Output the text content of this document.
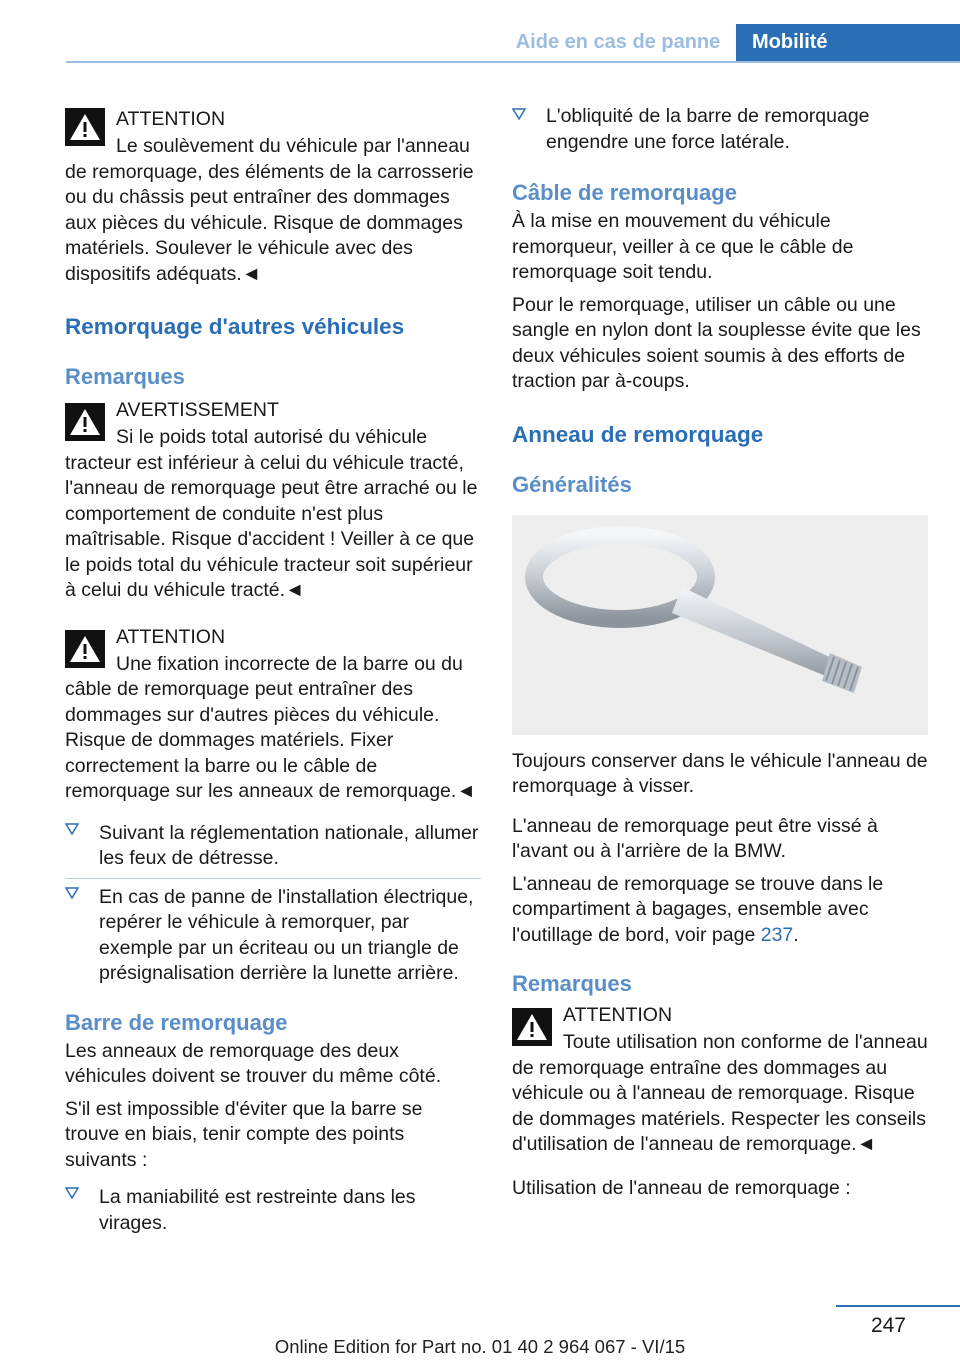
Aide en cas de panne	Mobilité
ATTENTION
Le soulèvement du véhicule par l'anneau de remorquage, des éléments de la carrosserie ou du châssis peut entraîner des dommages aux pièces du véhicule. Risque de dommages matériels. Soulever le véhicule avec des dispositifs adéquats.◄
Remorquage d'autres véhicules
Remarques
AVERTISSEMENT
Si le poids total autorisé du véhicule tracteur est inférieur à celui du véhicule tracté, l'anneau de remorquage peut être arraché ou le comportement de conduite n'est plus maîtrisable. Risque d'accident ! Veiller à ce que le poids total du véhicule tracteur soit supérieur à celui du véhicule tracté.◄
ATTENTION
Une fixation incorrecte de la barre ou du câble de remorquage peut entraîner des dommages sur d'autres pièces du véhicule. Risque de dommages matériels. Fixer correctement la barre ou le câble de remorquage sur les anneaux de remorquage.◄
Suivant la réglementation nationale, allumer les feux de détresse.
En cas de panne de l'installation électrique, repérer le véhicule à remorquer, par exemple par un écriteau ou un triangle de présignalisation derrière la lunette arrière.
Barre de remorquage

Les anneaux de remorquage des deux véhicules doivent se trouver du même côté.

S'il est impossible d'éviter que la barre se trouve en biais, tenir compte des points suivants :

La maniabilité est restreinte dans les virages.
L'obliquité de la barre de remorquage engendre une force latérale.
Câble de remorquage

À la mise en mouvement du véhicule remorqueur, veiller à ce que le câble de remorquage soit tendu.

Pour le remorquage, utiliser un câble ou une sangle en nylon dont la souplesse évite que les deux véhicules soient soumis à des efforts de traction par à-coups.

Anneau de remorquage
Généralités

Toujours conserver dans le véhicule l'anneau de remorquage à visser.

L'anneau de remorquage peut être vissé à l'avant ou à l'arrière de la BMW.

L'anneau de remorquage se trouve dans le compartiment à bagages, ensemble avec l'outillage de bord, voir page 237.

Remarques
ATTENTION
Toute utilisation non conforme de l'anneau de remorquage entraîne des dommages au véhicule ou à l'anneau de remorquage. Risque de dommages matériels. Respecter les conseils d'utilisation de l'anneau de remorquage.◄

Utilisation de l'anneau de remorquage :

247
Online Edition for Part no. 01 40 2 964 067 - VI/15
